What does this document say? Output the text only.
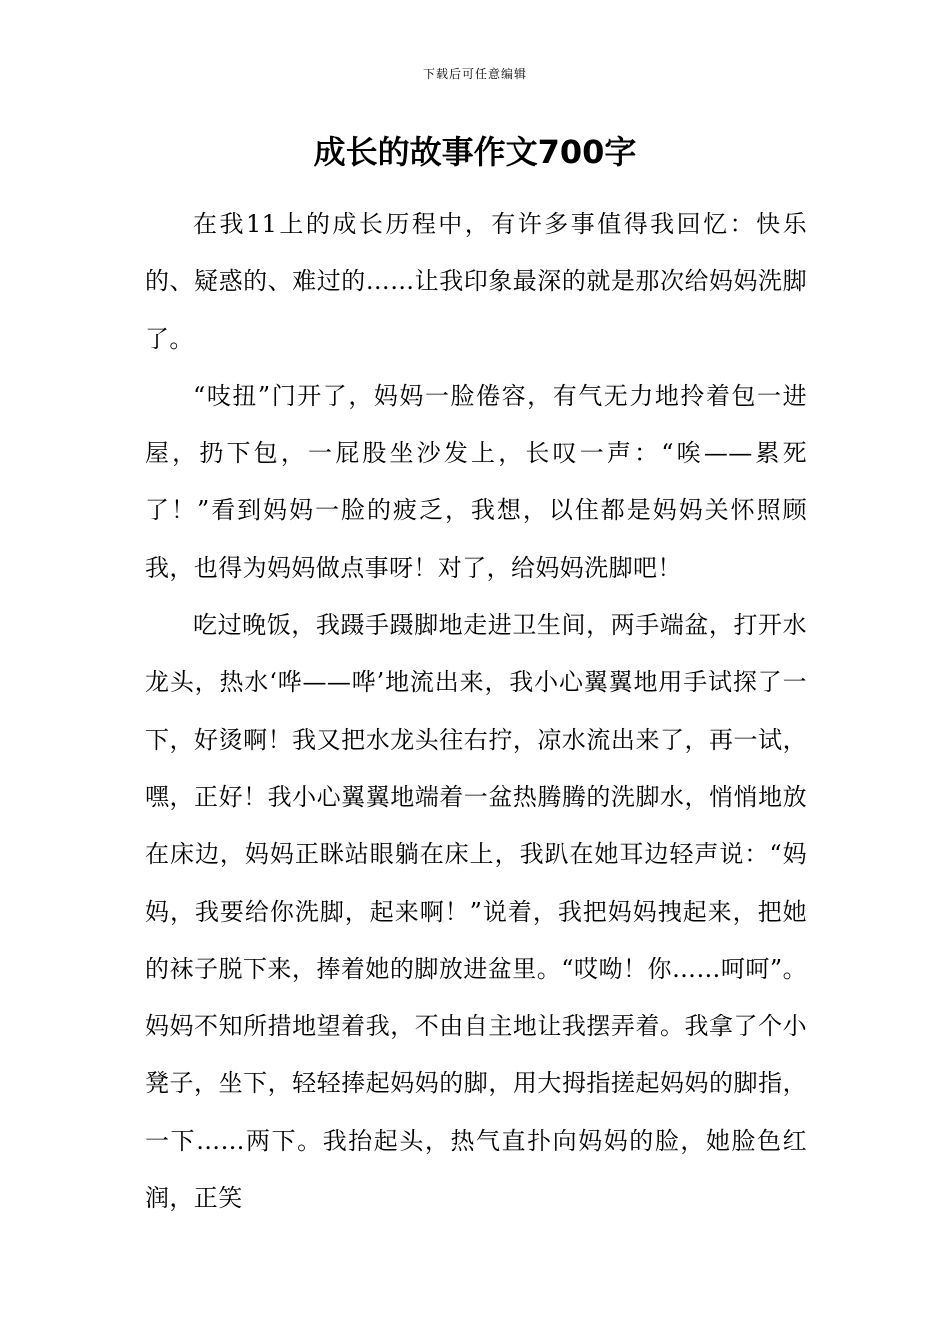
下载后可任意编辑
成长的故事作文700字

在我11上的成长历程中，有许多事值得我回忆：快乐的、疑惑的、难过的……让我印象最深的就是那次给妈妈洗脚了。

“吱扭”门开了，妈妈一脸倦容，有气无力地拎着包一进屋，扔下包，一屁股坐沙发上，长叹一声：“唉——累死了！”看到妈妈一脸的疲乏，我想，以住都是妈妈关怀照顾我，也得为妈妈做点事呀！对了，给妈妈洗脚吧！

吃过晚饭，我蹑手蹑脚地走进卫生间，两手端盆，打开水龙头，热水‘哗——哗’地流出来，我小心翼翼地用手试探了一下，好烫啊！我又把水龙头往右拧，凉水流出来了，再一试，嘿，正好！我小心翼翼地端着一盆热腾腾的洗脚水，悄悄地放在床边，妈妈正眯站眼躺在床上，我趴在她耳边轻声说：“妈妈，我要给你洗脚，起来啊！”说着，我把妈妈拽起来，把她的袜子脱下来，捧着她的脚放进盆里。“哎呦！你……呵呵”。妈妈不知所措地望着我，不由自主地让我摆弄着。我拿了个小凳子，坐下，轻轻捧起妈妈的脚，用大拇指搓起妈妈的脚指，一下……两下。我抬起头，热气直扑向妈妈的脸，她脸色红润，正笑
